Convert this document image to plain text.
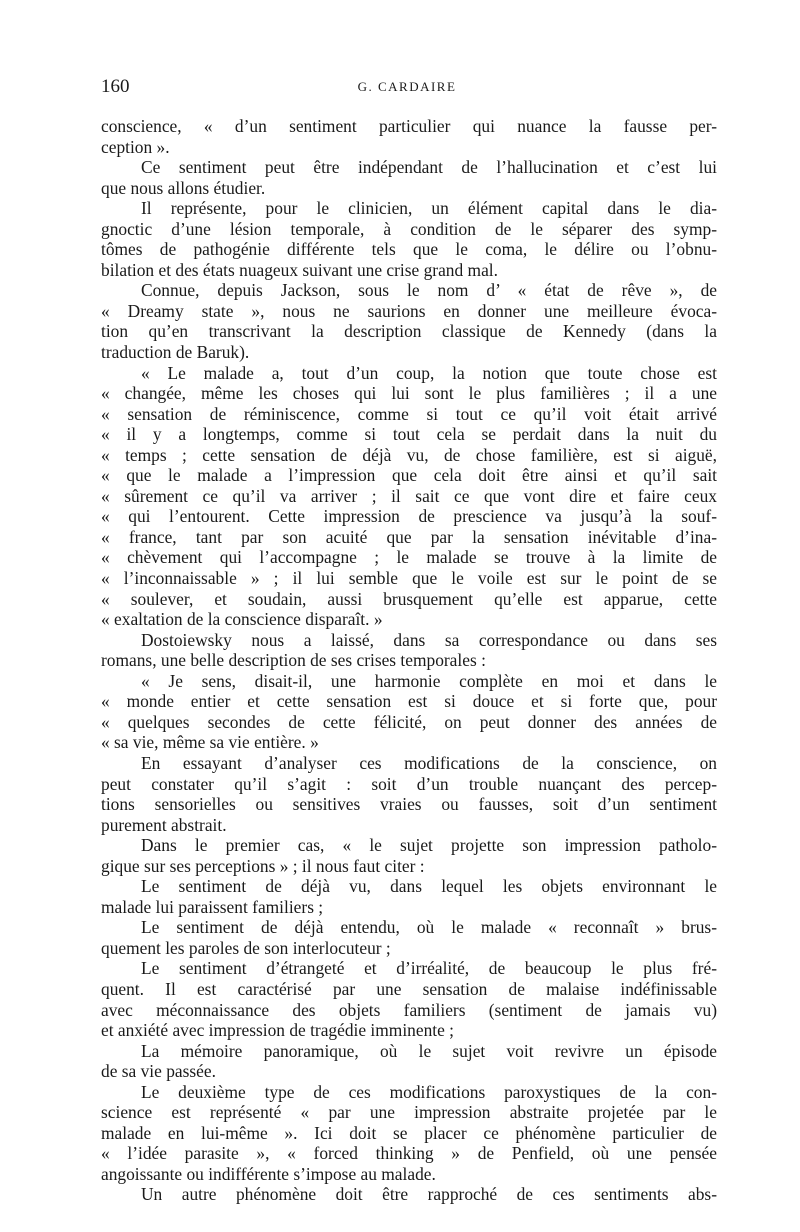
160	G. CARDAIRE
conscience, « d’un sentiment particulier qui nuance la fausse per-
ception ».
Ce sentiment peut être indépendant de l’hallucination et c’est lui
que nous allons étudier.
Il représente, pour le clinicien, un élément capital dans le dia-
gnoctic d’une lésion temporale, à condition de le séparer des symp-
tômes de pathogénie différente tels que le coma, le délire ou l’obnu-
bilation et des états nuageux suivant une crise grand mal.
Connue, depuis Jackson, sous le nom d’ « état de rêve », de
« Dreamy state », nous ne saurions en donner une meilleure évoca-
tion qu’en transcrivant la description classique de Kennedy (dans la
traduction de Baruk).
« Le malade a, tout d’un coup, la notion que toute chose est
« changée, même les choses qui lui sont le plus familières ; il a une
« sensation de réminiscence, comme si tout ce qu’il voit était arrivé
« il y a longtemps, comme si tout cela se perdait dans la nuit du
« temps ; cette sensation de déjà vu, de chose familière, est si aiguë,
« que le malade a l’impression que cela doit être ainsi et qu’il sait
« sûrement ce qu’il va arriver ; il sait ce que vont dire et faire ceux
« qui l’entourent. Cette impression de prescience va jusqu’à la souf-
« france, tant par son acuité que par la sensation inévitable d’ina-
« chèvement qui l’accompagne ; le malade se trouve à la limite de
« l’inconnaissable » ; il lui semble que le voile est sur le point de se
« soulever, et soudain, aussi brusquement qu’elle est apparue, cette
« exaltation de la conscience disparaît. »
Dostoiewsky nous a laissé, dans sa correspondance ou dans ses
romans, une belle description de ses crises temporales :
« Je sens, disait-il, une harmonie complète en moi et dans le
« monde entier et cette sensation est si douce et si forte que, pour
« quelques secondes de cette félicité, on peut donner des années de
« sa vie, même sa vie entière. »
En essayant d’analyser ces modifications de la conscience, on
peut constater qu’il s’agit : soit d’un trouble nuançant des percep-
tions sensorielles ou sensitives vraies ou fausses, soit d’un sentiment
purement abstrait.
Dans le premier cas, « le sujet projette son impression patholo-
gique sur ses perceptions » ; il nous faut citer :
Le sentiment de déjà vu, dans lequel les objets environnant le
malade lui paraissent familiers ;
Le sentiment de déjà entendu, où le malade « reconnaît » brus-
quement les paroles de son interlocuteur ;
Le sentiment d’étrangeté et d’irréalité, de beaucoup le plus fré-
quent. Il est caractérisé par une sensation de malaise indéfinissable
avec méconnaissance des objets familiers (sentiment de jamais vu)
et anxiété avec impression de tragédie imminente ;
La mémoire panoramique, où le sujet voit revivre un épisode
de sa vie passée.
Le deuxième type de ces modifications paroxystiques de la con-
science est représenté « par une impression abstraite projetée par le
malade en lui-même ». Ici doit se placer ce phénomène particulier de
« l’idée parasite », « forced thinking » de Penfield, où une pensée
angoissante ou indifférente s’impose au malade.
Un autre phénomène doit être rapproché de ces sentiments abs-
